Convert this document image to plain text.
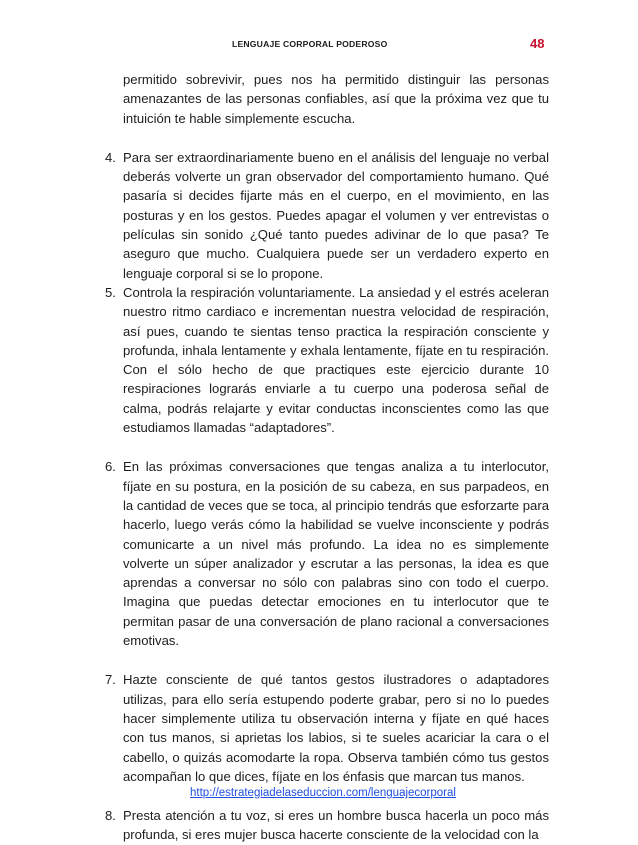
LENGUAJE CORPORAL PODEROSO	48

permitido sobrevivir, pues nos ha permitido distinguir las personas amenazantes de las personas confiables, así que la próxima vez que tu intuición te hable simplemente escucha.

4. Para ser extraordinariamente bueno en el análisis del lenguaje no verbal deberás volverte un gran observador del comportamiento humano. Qué pasaría si decides fijarte más en el cuerpo, en el movimiento, en las posturas y en los gestos. Puedes apagar el volumen y ver entrevistas o películas sin sonido ¿Qué tanto puedes adivinar de lo que pasa? Te aseguro que mucho. Cualquiera puede ser un verdadero experto en lenguaje corporal si se lo propone.
5. Controla la respiración voluntariamente. La ansiedad y el estrés aceleran nuestro ritmo cardiaco e incrementan nuestra velocidad de respiración, así pues, cuando te sientas tenso practica la respiración consciente y profunda, inhala lentamente y exhala lentamente, fíjate en tu respiración. Con el sólo hecho de que practiques este ejercicio durante 10 respiraciones lograrás enviarle a tu cuerpo una poderosa señal de calma, podrás relajarte y evitar conductas inconscientes como las que estudiamos llamadas “adaptadores”.
6. En las próximas conversaciones que tengas analiza a tu interlocutor, fíjate en su postura, en la posición de su cabeza, en sus parpadeos, en la cantidad de veces que se toca, al principio tendrás que esforzarte para hacerlo, luego verás cómo la habilidad se vuelve inconsciente y podrás comunicarte a un nivel más profundo. La idea no es simplemente volverte un súper analizador y escrutar a las personas, la idea es que aprendas a conversar no sólo con palabras sino con todo el cuerpo. Imagina que puedas detectar emociones en tu interlocutor que te permitan pasar de una conversación de plano racional a conversaciones emotivas.
7. Hazte consciente de qué tantos gestos ilustradores o adaptadores utilizas, para ello sería estupendo poderte grabar, pero si no lo puedes hacer simplemente utiliza tu observación interna y fíjate en qué haces con tus manos, si aprietas los labios, si te sueles acariciar la cara o el cabello, o quizás acomodarte la ropa. Observa también cómo tus gestos acompañan lo que dices, fíjate en los énfasis que marcan tus manos.
8. Presta atención a tu voz, si eres un hombre busca hacerla un poco más profunda, si eres mujer busca hacerte consciente de la velocidad con la
http://estrategiadelaseduccion.com/lenguajecorporal
